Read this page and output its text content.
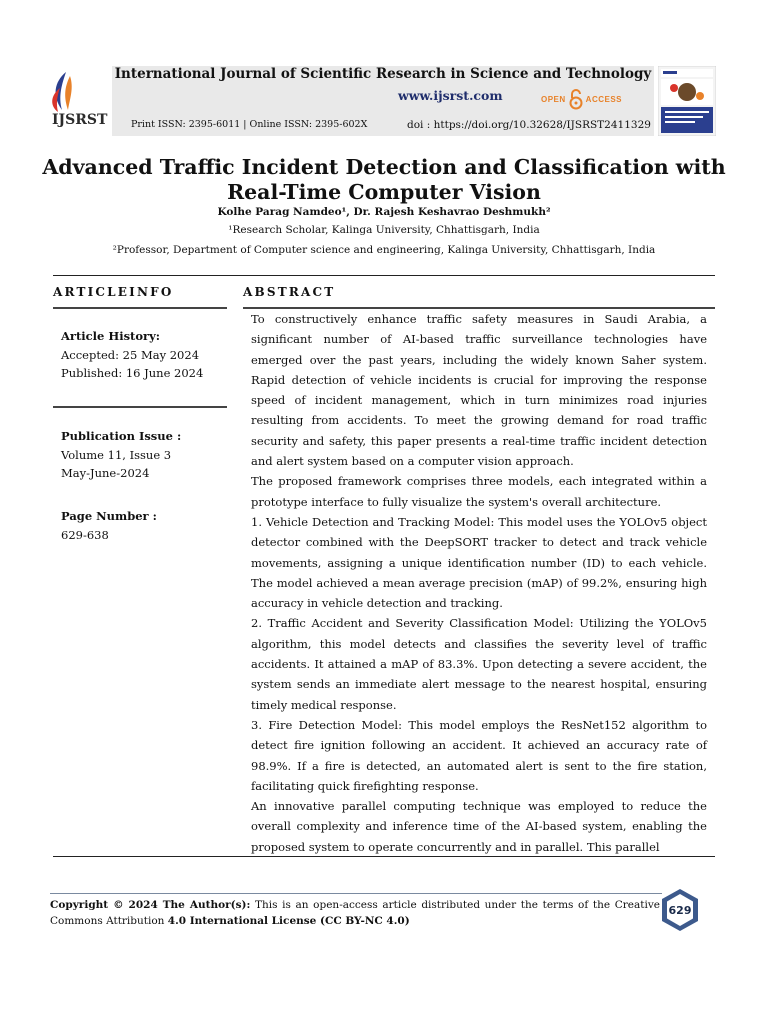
IJSRST
International Journal of Scientific Research in Science and Technology
www.ijsrst.com	OPEN	ACCESS
Print ISSN: 2395-6011 | Online ISSN: 2395-602X	doi : https://doi.org/10.32628/IJSRST2411329
Advanced Traffic Incident Detection and Classification with
Real-Time Computer Vision
Kolhe Parag Namdeo¹, Dr. Rajesh Keshavrao Deshmukh²
¹Research Scholar, Kalinga University, Chhattisgarh, India
²Professor, Department of Computer science and engineering, Kalinga University, Chhattisgarh, India
ARTICLEINFO
Article History:
Accepted: 25 May 2024
Published: 16 June 2024
Publication Issue :
Volume 11, Issue 3
May-June-2024
Page Number :
629-638
ABSTRACT

To constructively enhance traffic safety measures in Saudi Arabia, a significant number of AI-based traffic surveillance technologies have emerged over the past years, including the widely known Saher system. Rapid detection of vehicle incidents is crucial for improving the response speed of incident management, which in turn minimizes road injuries resulting from accidents. To meet the growing demand for road traffic security and safety, this paper presents a real-time traffic incident detection and alert system based on a computer vision approach.

The proposed framework comprises three models, each integrated within a prototype interface to fully visualize the system's overall architecture.

1. Vehicle Detection and Tracking Model: This model uses the YOLOv5 object detector combined with the DeepSORT tracker to detect and track vehicle movements, assigning a unique identification number (ID) to each vehicle. The model achieved a mean average precision (mAP) of 99.2%, ensuring high accuracy in vehicle detection and tracking.

2. Traffic Accident and Severity Classification Model: Utilizing the YOLOv5 algorithm, this model detects and classifies the severity level of traffic accidents. It attained a mAP of 83.3%. Upon detecting a severe accident, the system sends an immediate alert message to the nearest hospital, ensuring timely medical response.

3. Fire Detection Model: This model employs the ResNet152 algorithm to detect fire ignition following an accident. It achieved an accuracy rate of 98.9%. If a fire is detected, an automated alert is sent to the fire station, facilitating quick firefighting response.

An innovative parallel computing technique was employed to reduce the overall complexity and inference time of the AI-based system, enabling the proposed system to operate concurrently and in parallel. This parallel

Copyright © 2024 The Author(s): This is an open-access article distributed under the terms of the Creative Commons Attribution 4.0 International License (CC BY-NC 4.0)
629
